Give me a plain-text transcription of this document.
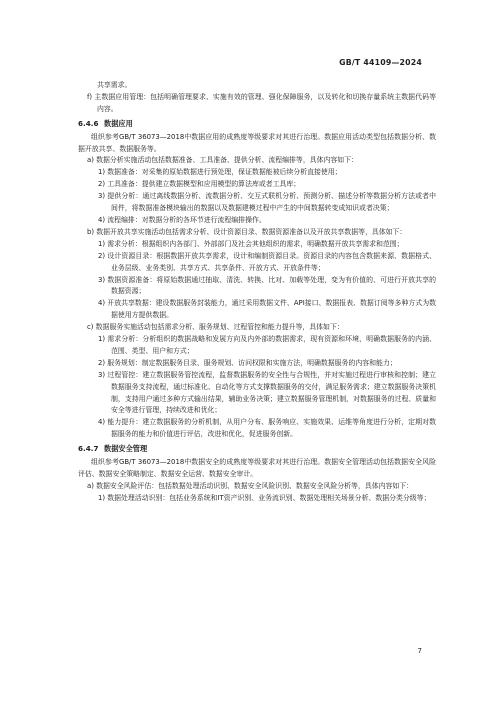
GB/T 44109—2024

共享需求。

f) 主数据应用管理：包括明确管理要求、实施有效的管理、强化保障服务，以及转化和切换存量系统主数据代码等内容。

6.4.6 数据应用

组织参考GB/T 36073—2018中数据应用的成熟度等级要求对其进行治理。数据应用活动类型包括数据分析、数据开放共享、数据服务等。

a) 数据分析实施活动包括数据准备、工具准备、提供分析、流程编排等，具体内容如下：

1) 数据准备：对采集的原始数据进行预处理，保证数据能被后续分析直接使用；

2) 工具准备：提供建立数据模型和应用模型的算法库或者工具库；

3) 提供分析：通过离线数据分析、流数据分析、交互式联机分析、预测分析、描述分析等数据分析方法或者中间件，将数据准备模块输出的数据以及数据建模过程中产生的中间数据转变成知识或者决策；

4) 流程编排：对数据分析的各环节进行流程编排操作。

b) 数据开放共享实施活动包括需求分析、设计资源目录、数据资源准备以及开放共享数据等，具体如下：

1) 需求分析：根据组织内各部门、外部部门及社会其他组织的需求，明确数据开放共享需求和范围；

2) 设计资源目录：根据数据开放共享需求，设计和编制资源目录。资源目录的内容包含数据来源、数据格式、业务层级、业务类别、共享方式、共享条件、开放方式、开放条件等；

3) 数据资源准备：将原始数据通过抽取、清洗、转换、比对、加载等处理，变为有价值的、可进行开放共享的数据资源；

4) 开放共享数据：建设数据服务封装能力，通过采用数据文件、API接口、数据报表、数据订阅等多种方式为数据使用方提供数据。

c) 数据服务实施活动包括需求分析、服务规划、过程管控和能力提升等，具体如下：

1) 需求分析：分析组织的数据战略和发展方向及内外部的数据需求，现有资源和环境，明确数据服务的内涵、范围、类型、用户和方式；

2) 服务规划：制定数据服务目录、服务规划、访问权限和实施方法，明确数据服务的内容和能力；

3) 过程管控：建立数据服务管控流程，监督数据服务的安全性与合规性，并对实施过程进行审核和控制；建立数据服务支持流程，通过标准化、自动化等方式支撑数据服务的交付，满足服务需求；建立数据服务决策机制，支持用户通过多种方式输出结果，辅助业务决策；建立数据服务管理机制，对数据服务的过程、质量和安全等进行管理，持续改进和优化；

4) 能力提升：建立数据服务的分析机制，从用户分布、服务响应、实施效果、运维等角度进行分析，定期对数据服务的能力和价值进行评估，改进和优化，促进服务创新。

6.4.7 数据安全管理

组织参考GB/T 36073—2018中数据安全的成熟度等级要求对其进行治理。数据安全管理活动包括数据安全风险评估、数据安全策略制定、数据安全运营、数据安全审计。

a) 数据安全风险评估：包括数据处理活动识别、数据安全风险识别、数据安全风险分析等，具体内容如下：

1) 数据处理活动识别：包括业务系统和IT资产识别、业务流识别、数据处理相关场景分析、数据分类分级等；

7
